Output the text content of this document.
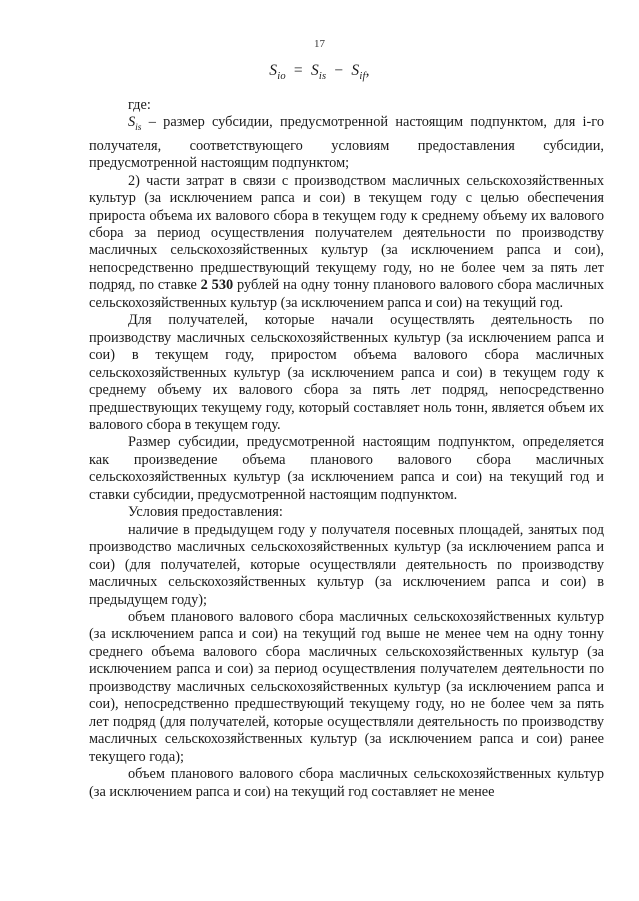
17
$S_{io} = S_{is} - S_{if}$,

где:

$S_{is}$ – размер субсидии, предусмотренной настоящим подпунктом, для i-го получателя, соответствующего условиям предоставления субсидии, предусмотренной настоящим подпунктом;

2) части затрат в связи с производством масличных сельскохозяйственных культур (за исключением рапса и сои) в текущем году с целью обеспечения прироста объема их валового сбора в текущем году к среднему объему их валового сбора за период осуществления получателем деятельности по производству масличных сельскохозяйственных культур (за исключением рапса и сои), непосредственно предшествующий текущему году, но не более чем за пять лет подряд, по ставке 2 530 рублей на одну тонну планового валового сбора масличных сельскохозяйственных культур (за исключением рапса и сои) на текущий год.

Для получателей, которые начали осуществлять деятельность по производству масличных сельскохозяйственных культур (за исключением рапса и сои) в текущем году, приростом объема валового сбора масличных сельскохозяйственных культур (за исключением рапса и сои) в текущем году к среднему объему их валового сбора за пять лет подряд, непосредственно предшествующих текущему году, который составляет ноль тонн, является объем их валового сбора в текущем году.

Размер субсидии, предусмотренной настоящим подпунктом, определяется как произведение объема планового валового сбора масличных сельскохозяйственных культур (за исключением рапса и сои) на текущий год и ставки субсидии, предусмотренной настоящим подпунктом.

Условия предоставления:

наличие в предыдущем году у получателя посевных площадей, занятых под производство масличных сельскохозяйственных культур (за исключением рапса и сои) (для получателей, которые осуществляли деятельность по производству масличных сельскохозяйственных культур (за исключением рапса и сои) в предыдущем году);

объем планового валового сбора масличных сельскохозяйственных культур (за исключением рапса и сои) на текущий год выше не менее чем на одну тонну среднего объема валового сбора масличных сельскохозяйственных культур (за исключением рапса и сои) за период осуществления получателем деятельности по производству масличных сельскохозяйственных культур (за исключением рапса и сои), непосредственно предшествующий текущему году, но не более чем за пять лет подряд (для получателей, которые осуществляли деятельность по производству масличных сельскохозяйственных культур (за исключением рапса и сои) ранее текущего года);

объем планового валового сбора масличных сельскохозяйственных культур (за исключением рапса и сои) на текущий год составляет не менее
